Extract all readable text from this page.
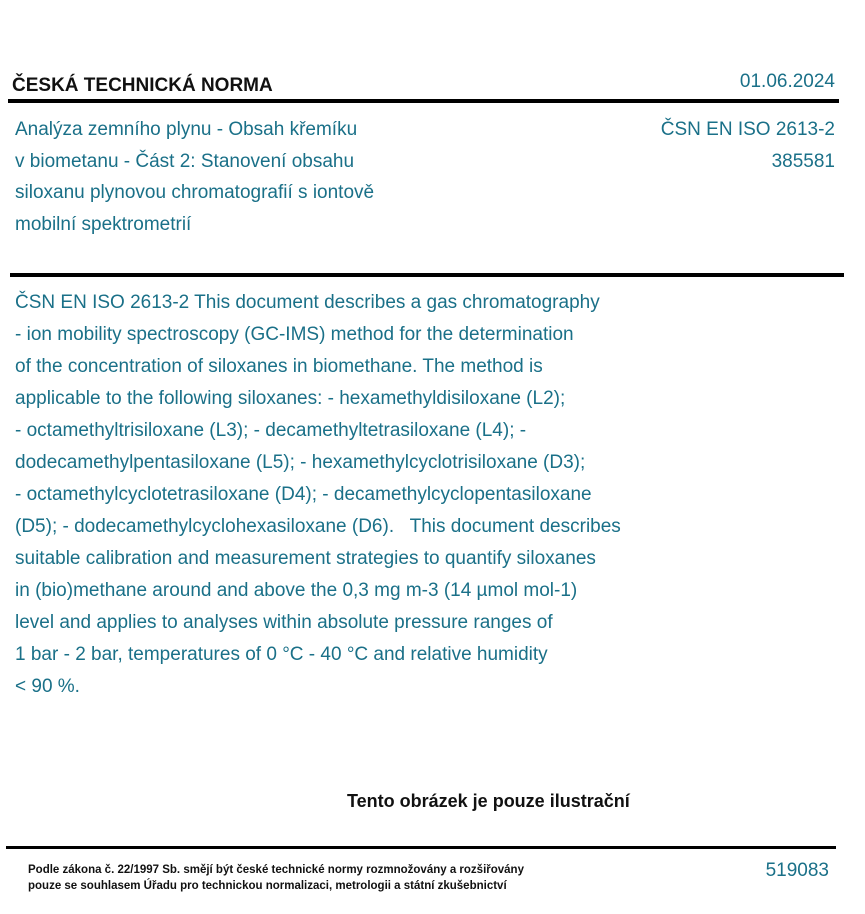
ČESKÁ TECHNICKÁ NORMA	01.06.2024
Analýza zemního plynu - Obsah křemíku
v biometanu - Část 2: Stanovení obsahu
siloxanu plynovou chromatografií s iontově
mobilní spektrometrií
ČSN EN ISO 2613-2
385581
ČSN EN ISO 2613-2 This document describes a gas chromatography
- ion mobility spectroscopy (GC-IMS) method for the determination
of the concentration of siloxanes in biomethane. The method is
applicable to the following siloxanes: - hexamethyldisiloxane (L2);
- octamethyltrisiloxane (L3); - decamethyltetrasiloxane (L4); -
dodecamethylpentasiloxane (L5); - hexamethylcyclotrisiloxane (D3);
- octamethylcyclotetrasiloxane (D4); - decamethylcyclopentasiloxane
(D5); - dodecamethylcyclohexasiloxane (D6).   This document describes
suitable calibration and measurement strategies to quantify siloxanes
in (bio)methane around and above the 0,3 mg m-3 (14 µmol mol-1)
level and applies to analyses within absolute pressure ranges of
1 bar - 2 bar, temperatures of 0 °C - 40 °C and relative humidity
< 90 %.
Tento obrázek je pouze ilustrační
Podle zákona č. 22/1997 Sb. smějí být české technické normy rozmnožovány a rozšiřovány
pouze se souhlasem Úřadu pro technickou normalizaci, metrologii a státní zkušebnictví
519083
